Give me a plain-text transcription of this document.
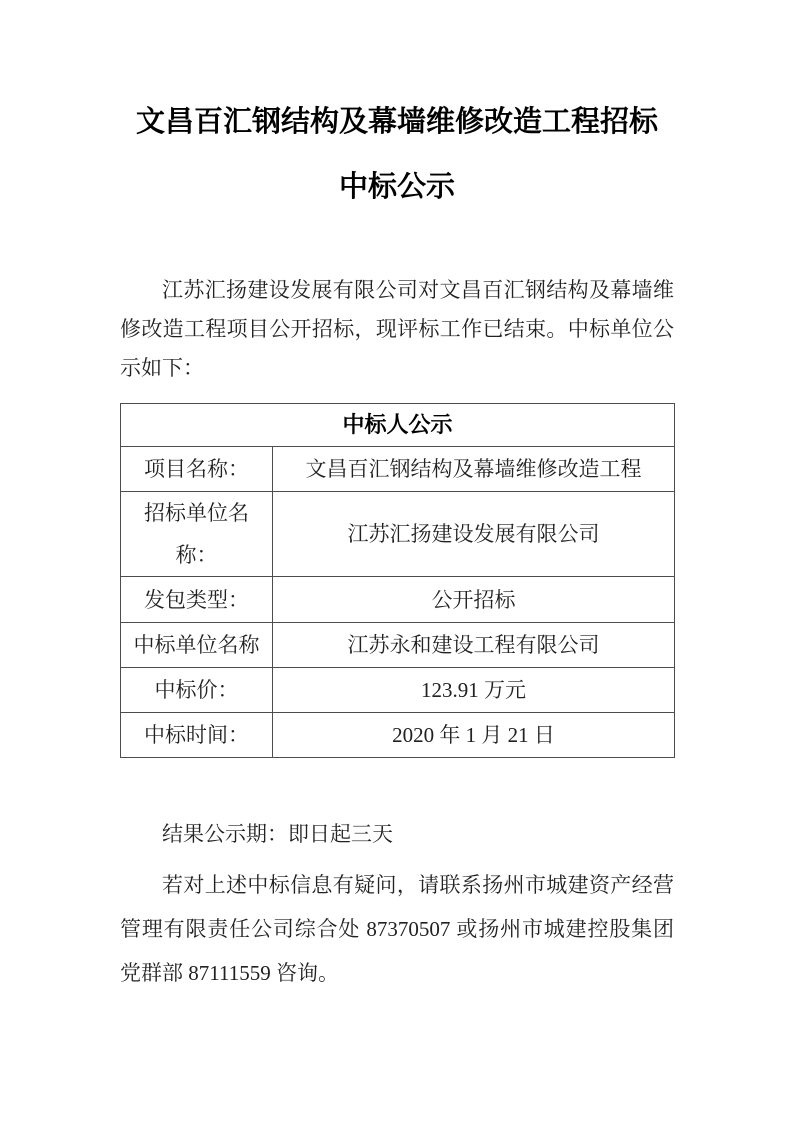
文昌百汇钢结构及幕墙维修改造工程招标
中标公示

江苏汇扬建设发展有限公司对文昌百汇钢结构及幕墙维修改造工程项目公开招标，现评标工作已结束。中标单位公示如下：

中标人公示	
项目名称：	文昌百汇钢结构及幕墙维修改造工程
招标单位名称：	江苏汇扬建设发展有限公司
发包类型：	公开招标
中标单位名称	江苏永和建设工程有限公司
中标价：	123.91 万元
中标时间：	2020 年 1 月 21 日

结果公示期：即日起三天

若对上述中标信息有疑问，请联系扬州市城建资产经营管理有限责任公司综合处 87370507 或扬州市城建控股集团党群部 87111559 咨询。
